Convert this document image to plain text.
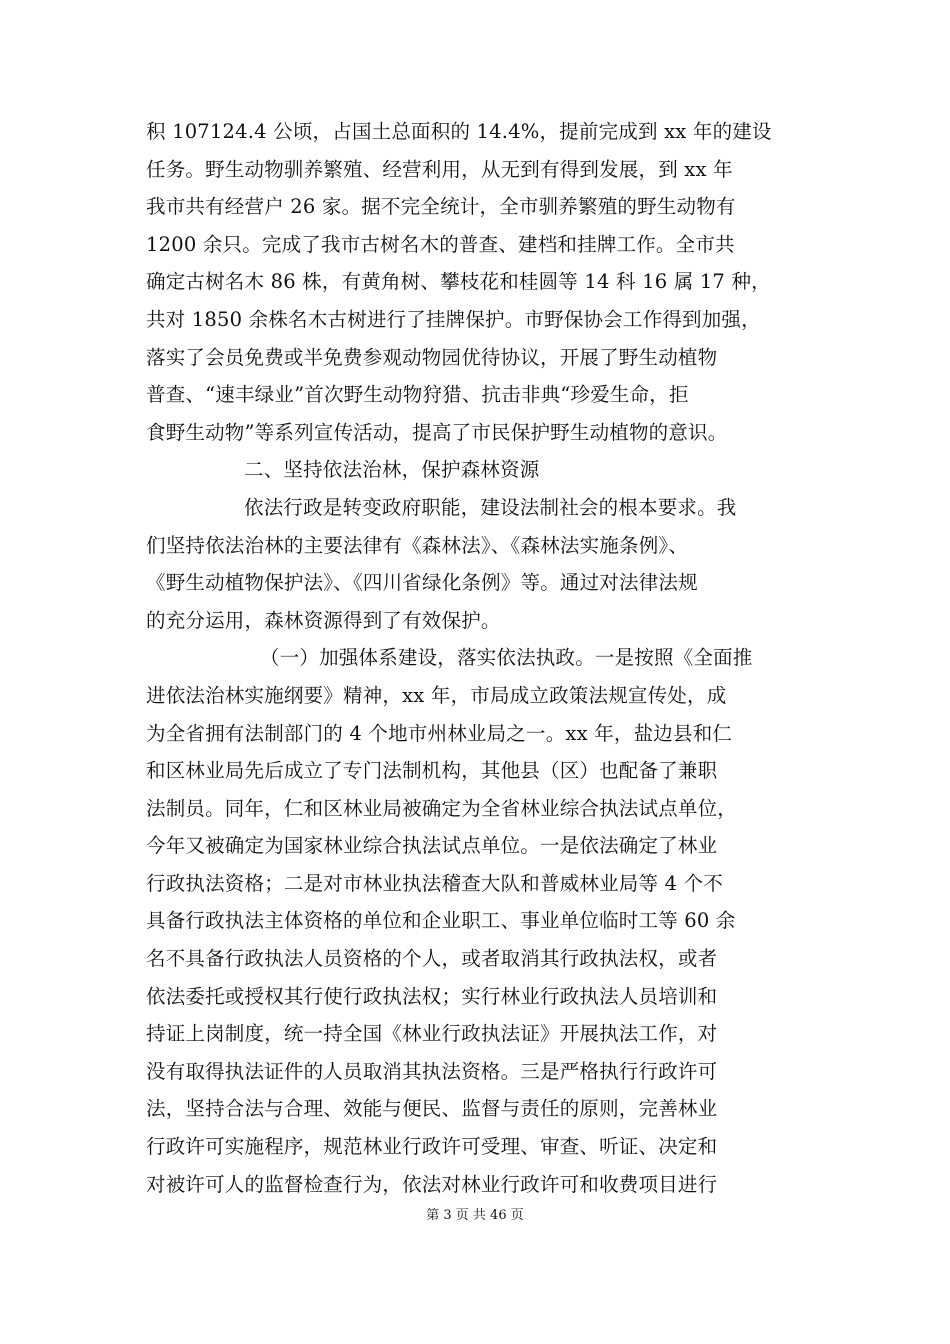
积 107124.4 公顷，占国土总面积的 14.4%，提前完成到 xx 年的建设

任务。野生动物驯养繁殖、经营利用，从无到有得到发展，到 xx 年

我市共有经营户 26 家。据不完全统计，全市驯养繁殖的野生动物有

1200 余只。完成了我市古树名木的普查、建档和挂牌工作。全市共

确定古树名木 86 株，有黄角树、攀枝花和桂圆等 14 科 16 属 17 种，

共对 1850 余株名木古树进行了挂牌保护。市野保协会工作得到加强，

落实了会员免费或半免费参观动物园优待协议，开展了野生动植物

普查、“速丰绿业”首次野生动物狩猎、抗击非典“珍爱生命，拒

食野生动物”等系列宣传活动，提高了市民保护野生动植物的意识。

二、坚持依法治林，保护森林资源

依法行政是转变政府职能，建设法制社会的根本要求。我

们坚持依法治林的主要法律有《森林法》、《森林法实施条例》、

《野生动植物保护法》、《四川省绿化条例》等。通过对法律法规

的充分运用，森林资源得到了有效保护。

（一）加强体系建设，落实依法执政。一是按照《全面推

进依法治林实施纲要》精神，xx 年，市局成立政策法规宣传处，成

为全省拥有法制部门的 4 个地市州林业局之一。xx 年，盐边县和仁

和区林业局先后成立了专门法制机构，其他县（区）也配备了兼职

法制员。同年，仁和区林业局被确定为全省林业综合执法试点单位，

今年又被确定为国家林业综合执法试点单位。一是依法确定了林业

行政执法资格；二是对市林业执法稽查大队和普威林业局等 4 个不

具备行政执法主体资格的单位和企业职工、事业单位临时工等 60 余

名不具备行政执法人员资格的个人，或者取消其行政执法权，或者

依法委托或授权其行使行政执法权；实行林业行政执法人员培训和

持证上岗制度，统一持全国《林业行政执法证》开展执法工作，对

没有取得执法证件的人员取消其执法资格。三是严格执行行政许可

法，坚持合法与合理、效能与便民、监督与责任的原则，完善林业

行政许可实施程序，规范林业行政许可受理、审查、听证、决定和

对被许可人的监督检查行为，依法对林业行政许可和收费项目进行

第 3 页 共 46 页
